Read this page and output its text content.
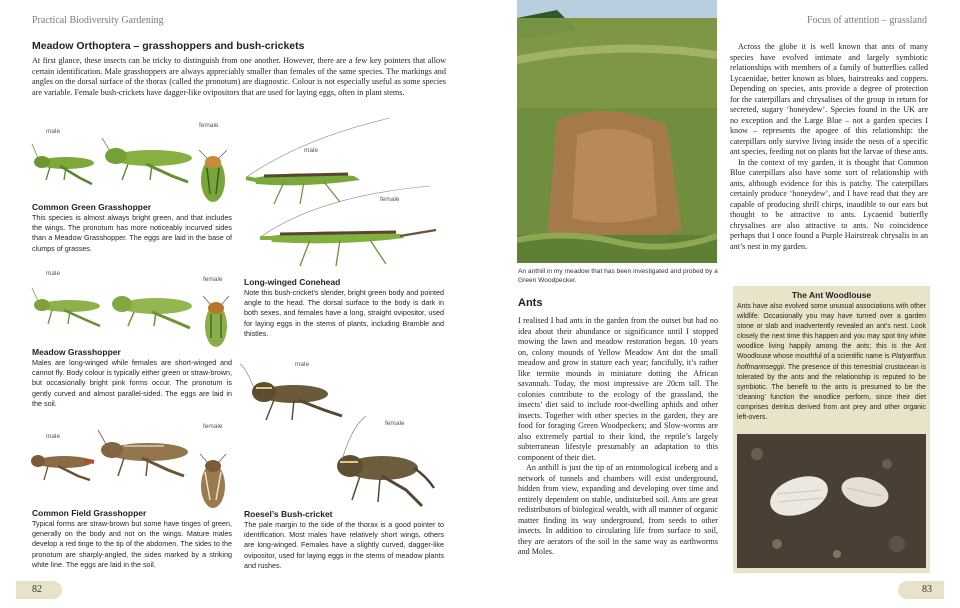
Practical Biodiversity Gardening
Meadow Orthoptera – grasshoppers and bush-crickets
At first glance, these insects can be tricky to distinguish from one another. However, there are a few key pointers that allow certain identification. Male grasshoppers are always appreciably smaller than females of the same species. The markings and angles on the dorsal surface of the thorax (called the pronotum) are diagnostic. Colour is not especially useful as some species are variable. Female bush-crickets have dagger-like ovipositors that are used for laying eggs, often in plant stems.
male
female
Common Green Grasshopper
This species is almost always bright green, and that includes the wings. The pronotum has more noticeably incurved sides than a Meadow Grasshopper. The eggs are laid in the base of clumps of grasses.
male
female
Meadow Grasshopper
Males are long-winged while females are short-winged and cannot fly. Body colour is typically either green or straw-brown, but occasionally bright pink forms occur. The pronotum is gently curved and almost parallel-sided. The eggs are laid in the soil.
male
female
Common Field Grasshopper
Typical forms are straw-brown but some have tinges of green, generally on the body and not on the wings. Mature males develop a red tinge to the tip of the abdomen. The sides to the pronotum are sharply-angled, the sides marked by a striking white line. The eggs are laid in the soil.
male
female
Long-winged Conehead
Note this bush-cricket’s slender, bright green body and pointed angle to the head. The dorsal surface to the body is dark in both sexes, and females have a long, straight ovipositor, used for laying eggs in the stems of plants, including Bramble and thistles.
male
female
Roesel’s Bush-cricket
The pale margin to the side of the thorax is a good pointer to identification. Most males have relatively short wings, others are long-winged. Females have a slightly curved, dagger-like ovipositor, used for laying eggs in the stems of meadow plants and rushes.
82
Focus of attention – grassland
An anthill in my meadow that has been investigated and probed by a Green Woodpecker.
Ants

I realised I had ants in the garden from the outset but had no idea about their abundance or significance until I stopped mowing the lawn and meadow restoration began. 10 years on, colony mounds of Yellow Meadow Ant dot the small meadow and grow in stature each year; fancifully, it’s rather like termite mounds in miniature dotting the African savannah. Today, the most impressive are 20cm tall. The colonies contribute to the ecology of the grassland, the insects’ diet said to include root-dwelling aphids and other insects. Together with other species in the garden, they are food for foraging Green Woodpeckers; and Slow-worms are also extremely partial to their kind, the reptile’s largely subterranean lifestyle presumably an adaptation to this component of their diet.

An anthill is just the tip of an entomological iceberg and a network of tunnels and chambers will exist underground, hidden from view, expanding and developing over time and entirely dependent on stable, undisturbed soil. Ants are great redistributors of biological wealth, with all manner of organic matter finding its way underground, from seeds to other insects. In addition to circulating life from surface to soil, they are aerators of the soil in the same way as earthworms and Moles.

Across the globe it is well known that ants of many species have evolved intimate and largely symbiotic relationships with members of a family of butterflies called Lycaenidae, better known as blues, hairstreaks and coppers. Depending on species, ants provide a degree of protection for the caterpillars and chrysalises of the group in return for secreted, sugary ‘honeydew’. Species found in the UK are no exception and the Large Blue – not a garden species I know – represents the apogee of this relationship: the caterpillars only survive living inside the nests of a specific ant species, feeding not on plants but the larvae of these ants.

In the context of my garden, it is thought that Common Blue caterpillars also have some sort of relationship with ants, although evidence for this is patchy. The caterpillars certainly produce ‘honeydew’, and I have read that they are capable of producing shrill chirps, inaudible to our ears but thought to be attractive to ants. Lycaenid butterfly chrysalises are also attractive to ants. No coincidence perhaps that I once found a Purple Hairstreak chrysalis in an ant’s nest in my garden.

The Ant Woodlouse
Ants have also evolved some unusual associations with other wildlife. Occasionally you may have turned over a garden stone or slab and inadvertently revealed an ant’s nest. Look closely the next time this happen and you may spot tiny white woodlice living happily among the ants; this is the Ant Woodlouse whose mouthful of a scientific name is Platyarthus hoffmannseggii. The presence of this terrestrial crustacean is tolerated by the ants and the relationship is reputed to be symbiotic. The benefit to the ants is presumed to be the ‘cleaning’ function the woodlice perform, since their diet comprises detritus derived from ant prey and other organic left-overs.
83
